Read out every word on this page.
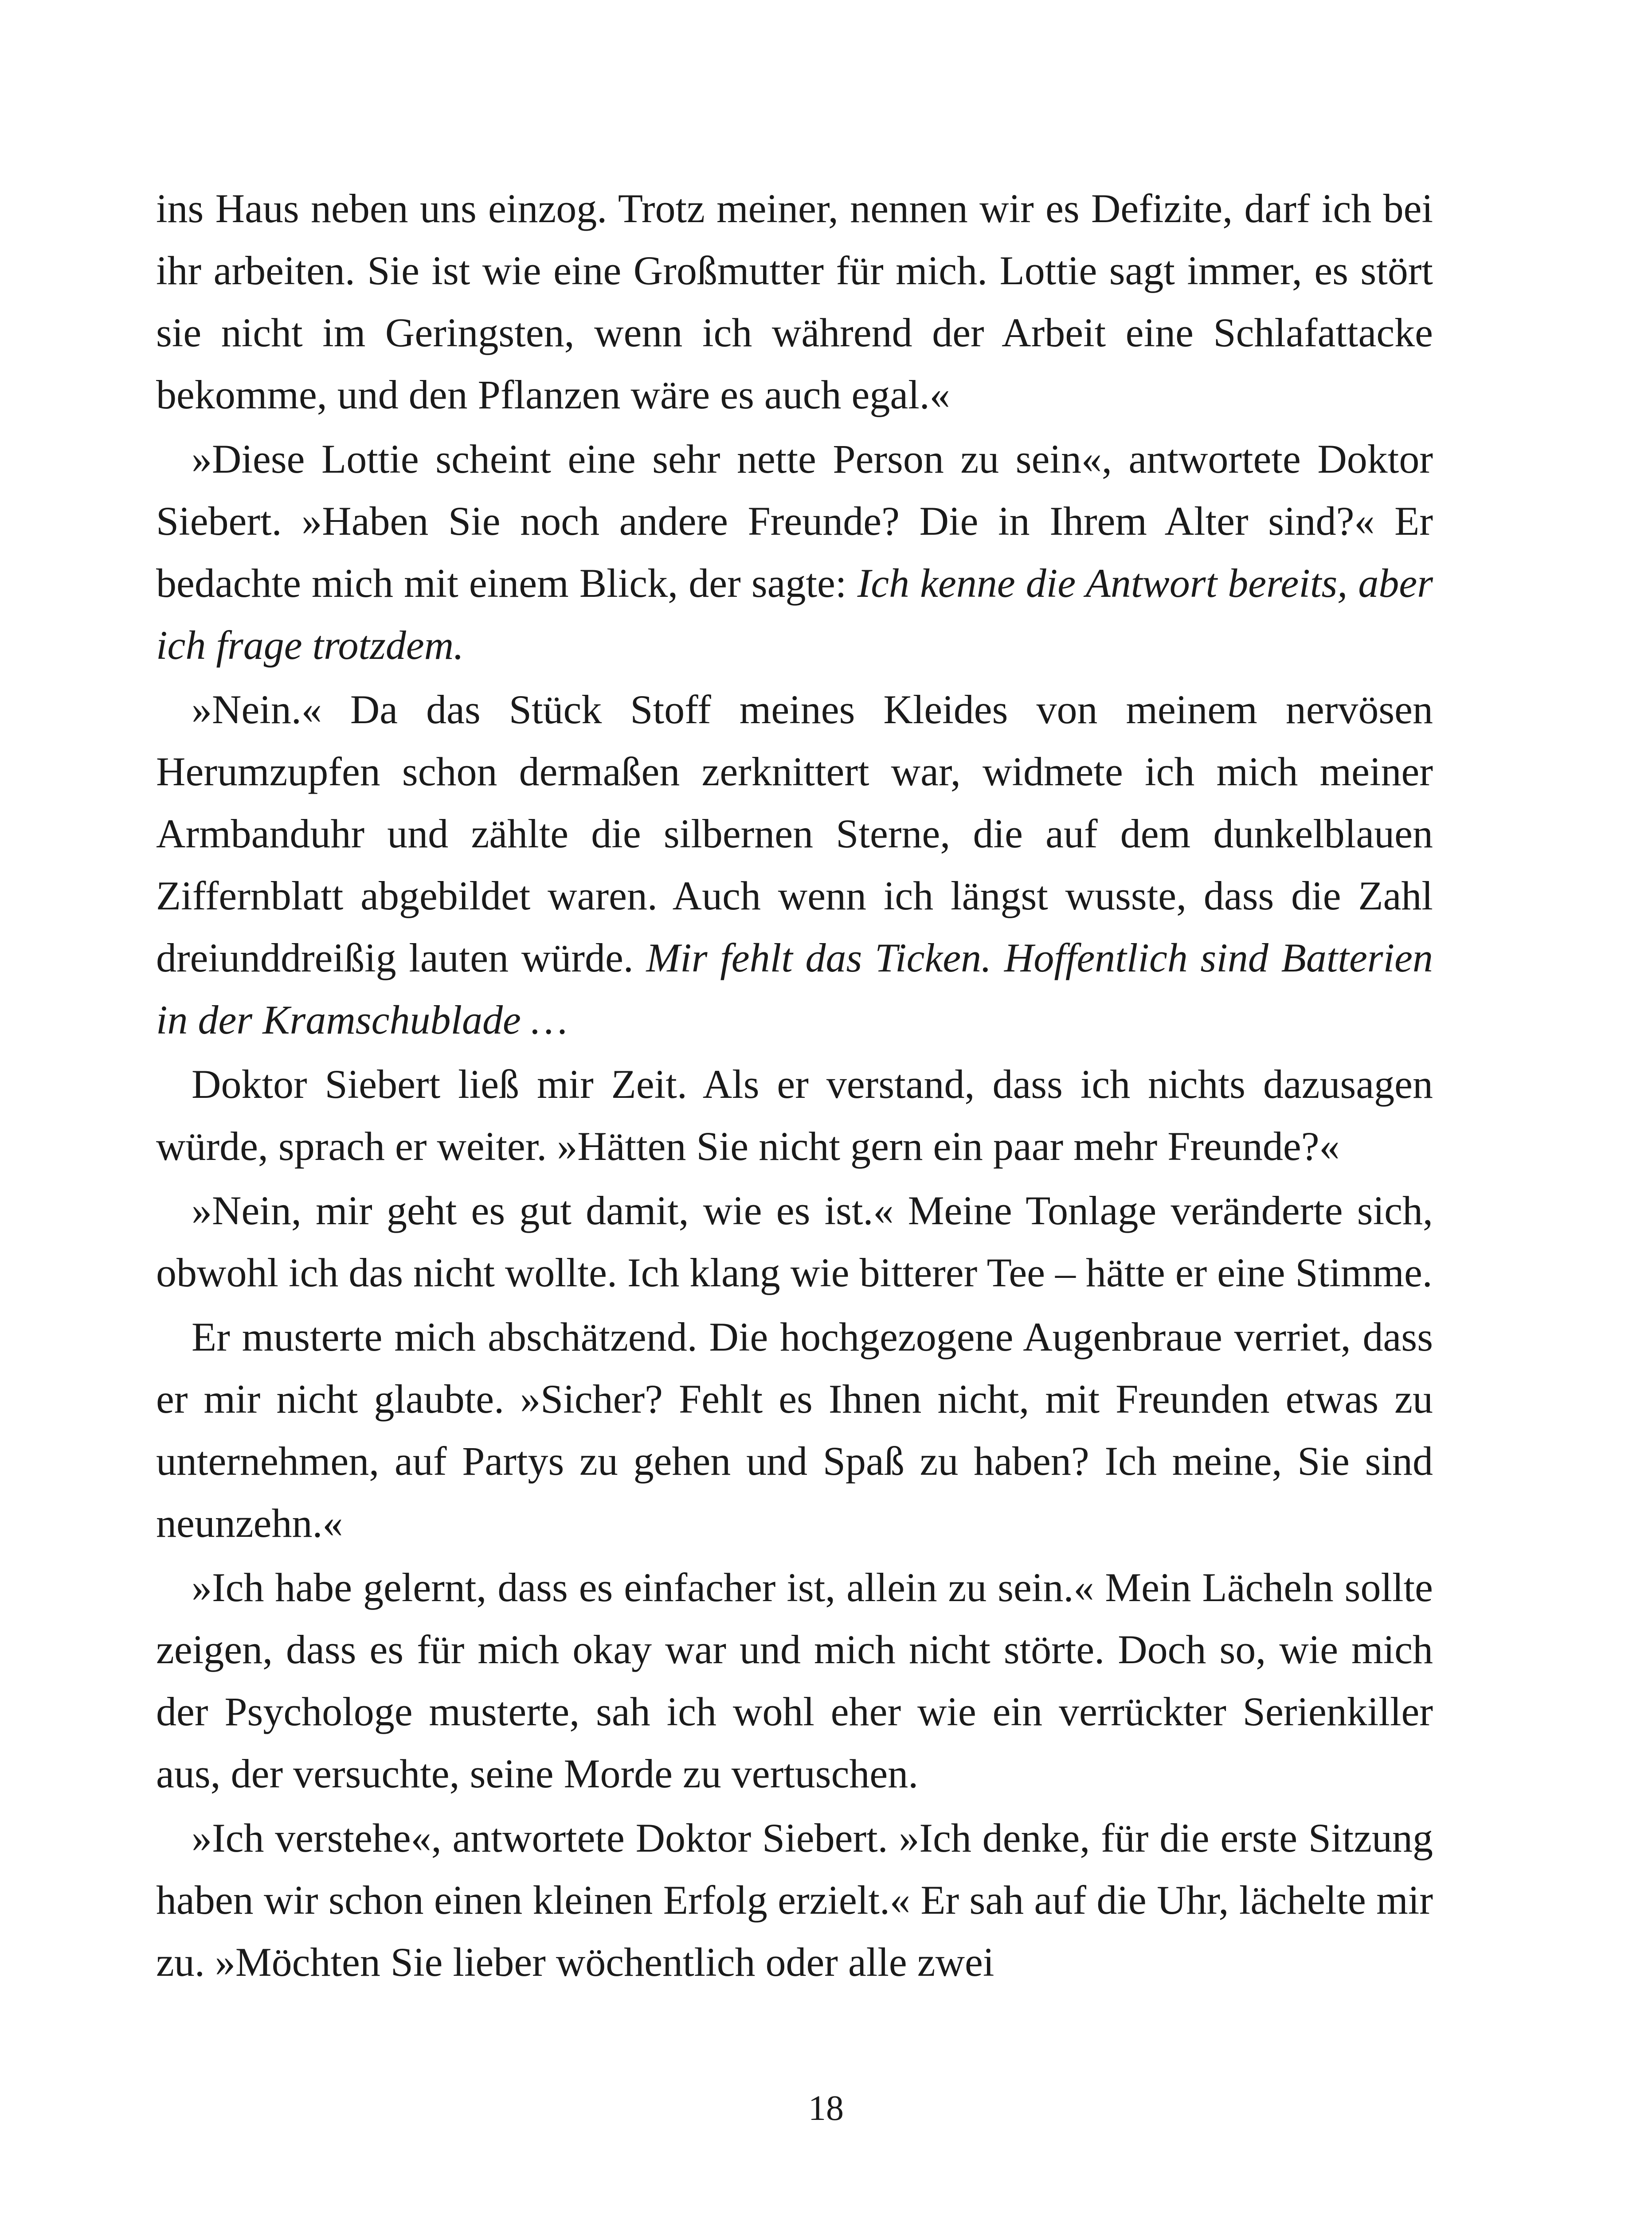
ins Haus neben uns einzog. Trotz meiner, nennen wir es Defizite, darf ich bei ihr arbeiten. Sie ist wie eine Großmutter für mich. Lottie sagt immer, es stört sie nicht im Geringsten, wenn ich während der Arbeit eine Schlafattacke bekomme, und den Pflanzen wäre es auch egal.«

»Diese Lottie scheint eine sehr nette Person zu sein«, antwortete Doktor Siebert. »Haben Sie noch andere Freunde? Die in Ihrem Alter sind?« Er bedachte mich mit einem Blick, der sagte: Ich kenne die Antwort bereits, aber ich frage trotzdem.

»Nein.« Da das Stück Stoff meines Kleides von meinem nervösen Herumzupfen schon dermaßen zerknittert war, widmete ich mich meiner Armbanduhr und zählte die silbernen Sterne, die auf dem dunkelblauen Ziffernblatt abgebildet waren. Auch wenn ich längst wusste, dass die Zahl dreiunddreißig lauten würde. Mir fehlt das Ticken. Hoffentlich sind Batterien in der Kramschublade …

Doktor Siebert ließ mir Zeit. Als er verstand, dass ich nichts dazusagen würde, sprach er weiter. »Hätten Sie nicht gern ein paar mehr Freunde?«

»Nein, mir geht es gut damit, wie es ist.« Meine Tonlage veränderte sich, obwohl ich das nicht wollte. Ich klang wie bitterer Tee – hätte er eine Stimme.

Er musterte mich abschätzend. Die hochgezogene Augenbraue verriet, dass er mir nicht glaubte. »Sicher? Fehlt es Ihnen nicht, mit Freunden etwas zu unternehmen, auf Partys zu gehen und Spaß zu haben? Ich meine, Sie sind neunzehn.«

»Ich habe gelernt, dass es einfacher ist, allein zu sein.« Mein Lächeln sollte zeigen, dass es für mich okay war und mich nicht störte. Doch so, wie mich der Psychologe musterte, sah ich wohl eher wie ein verrückter Serienkiller aus, der versuchte, seine Morde zu vertuschen.

»Ich verstehe«, antwortete Doktor Siebert. »Ich denke, für die erste Sitzung haben wir schon einen kleinen Erfolg erzielt.« Er sah auf die Uhr, lächelte mir zu. »Möchten Sie lieber wöchentlich oder alle zwei

18
